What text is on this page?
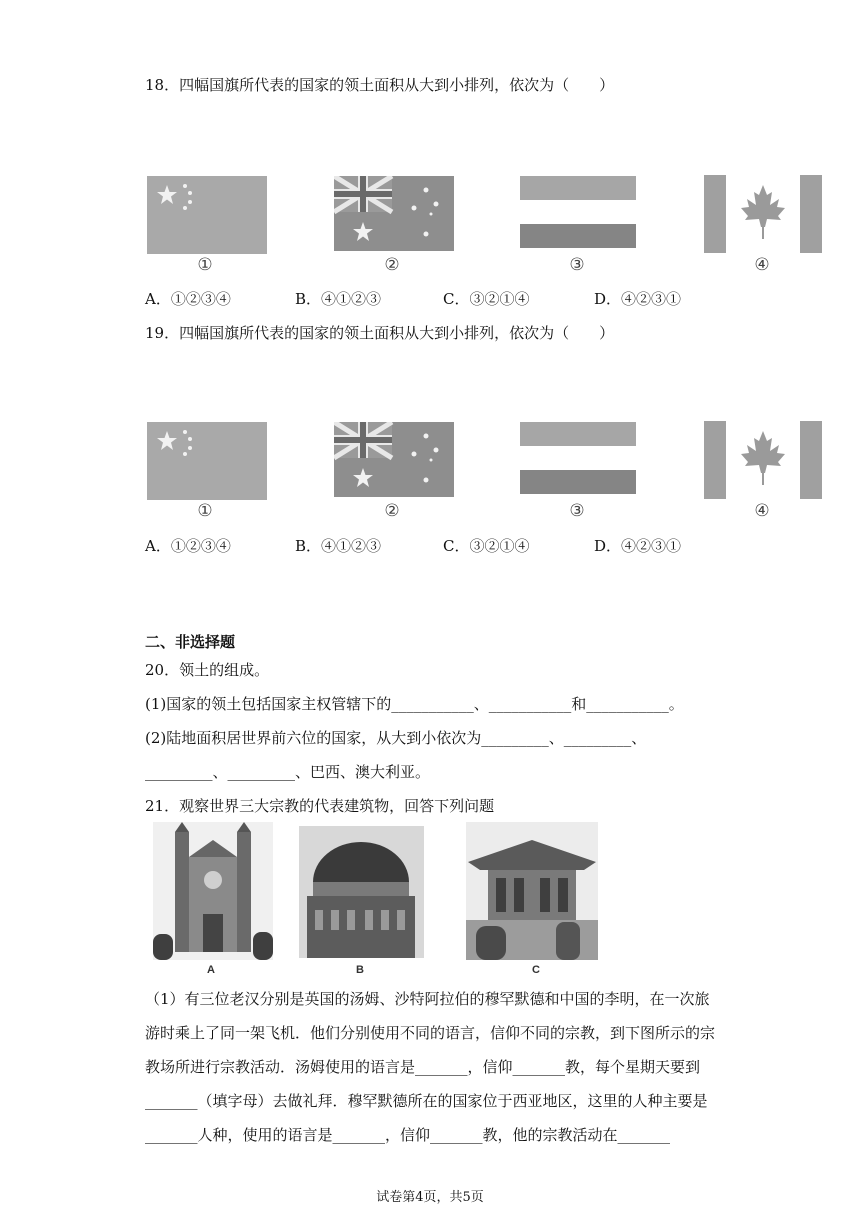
18．四幅国旗所代表的国家的领土面积从大到小排列，依次为（　　）
①	②	③	④
A．①②③④	B．④①②③	C．③②①④	D．④②③①
19．四幅国旗所代表的国家的领土面积从大到小排列，依次为（　　）
①	②	③	④
A．①②③④	B．④①②③	C．③②①④	D．④②③①
二、非选择题
20．领土的组成。
(1)国家的领土包括国家主权管辖下的___________、___________和___________。
(2)陆地面积居世界前六位的国家，从大到小依次为_________、_________、
_________、_________、巴西、澳大利亚。
21．观察世界三大宗教的代表建筑物，回答下列问题
A	B	C
（1）有三位老汉分别是英国的汤姆、沙特阿拉伯的穆罕默德和中国的李明，在一次旅
游时乘上了同一架飞机．他们分别使用不同的语言，信仰不同的宗教，到下图所示的宗
教场所进行宗教活动．汤姆使用的语言是_______，信仰_______教，每个星期天要到
_______（填字母）去做礼拜．穆罕默德所在的国家位于西亚地区，这里的人种主要是
_______人种，使用的语言是_______，信仰_______教，他的宗教活动在_______
试卷第4页，共5页
